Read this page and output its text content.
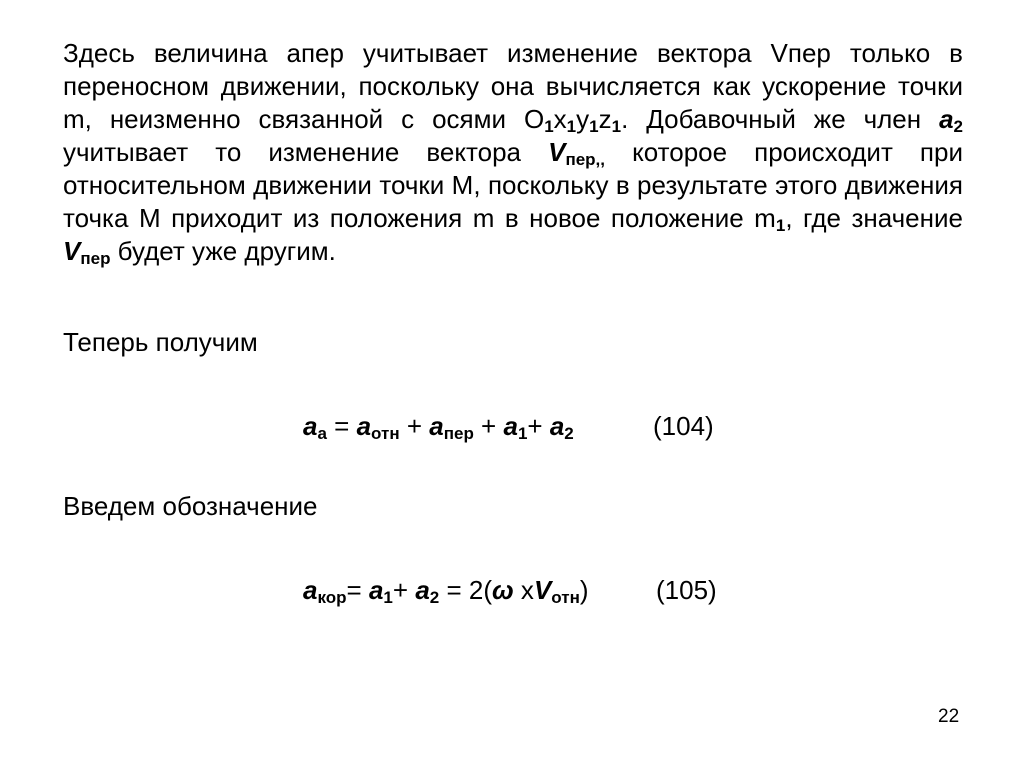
Здесь величина апер учитывает изменение вектора Vпер только в переносном движении, поскольку она вычисляется как ускорение точки m, неизменно связанной с осями $O_1x_1y_1z_1$. Добавочный же член $a_2$ учитывает то изменение вектора $V_{пер,,}$ которое происходит при относительном движении точки М, поскольку в результате этого движения точка М приходит из положения m в новое положение $m_1$, где значение $V_{пер}$ будет уже другим.
Теперь получим
$a_а = a_{отн} + a_{пер} + a_1+ a_2$	(104)
Введем обозначение
$a_{кор}= a_1+ a_2 = 2(\omega$ $xV_{отн}$)	(105)
22
